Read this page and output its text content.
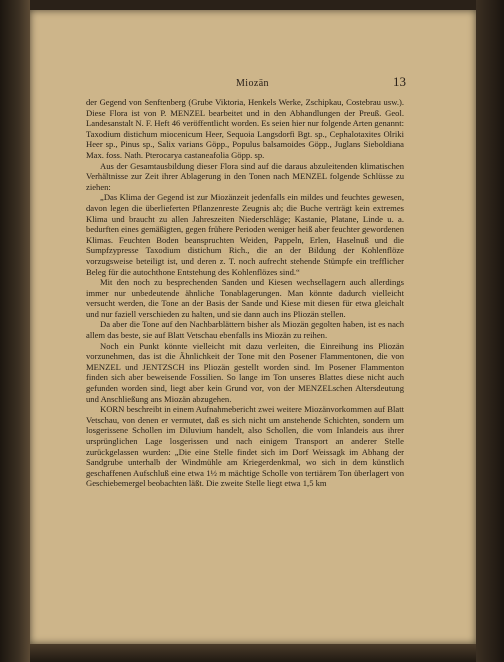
Miozän	13

der Gegend von Senftenberg (Grube Viktoria, Henkels Werke, Zschipkau, Costebrau usw.). Diese Flora ist von P. MENZEL bearbeitet und in den Abhandlungen der Preuß. Geol. Landesanstalt N. F. Heft 46 veröffentlicht worden. Es seien hier nur folgende Arten genannt: Taxodium distichum miocenicum Heer, Sequoia Langsdorfi Bgt. sp., Cephalotaxites Olriki Heer sp., Pinus sp., Salix varians Göpp., Populus balsamoides Göpp., Juglans Sieboldiana Max. foss. Nath. Pterocarya castaneafolia Göpp. sp.

Aus der Gesamtausbildung dieser Flora sind auf die daraus abzuleitenden klimatischen Verhältnisse zur Zeit ihrer Ablagerung in den Tonen nach MENZEL folgende Schlüsse zu ziehen:

„Das Klima der Gegend ist zur Miozänzeit jedenfalls ein mildes und feuchtes gewesen, davon legen die überlieferten Pflanzenreste Zeugnis ab; die Buche verträgt kein extremes Klima und braucht zu allen Jahreszeiten Niederschläge; Kastanie, Platane, Linde u. a. bedurften eines gemäßigten, gegen frühere Perioden weniger heiß aber feuchter gewordenen Klimas. Feuchten Boden beanspruchten Weiden, Pappeln, Erlen, Haselnuß und die Sumpfzypresse Taxodium distichum Rich., die an der Bildung der Kohlenflöze vorzugsweise beteiligt ist, und deren z. T. noch aufrecht stehende Stümpfe ein trefflicher Beleg für die autochthone Entstehung des Kohlenflözes sind.“

Mit den noch zu besprechenden Sanden und Kiesen wechsellagern auch allerdings immer nur unbedeutende ähnliche Tonablagerungen. Man könnte dadurch vielleicht versucht werden, die Tone an der Basis der Sande und Kiese mit diesen für etwa gleichalt und nur faziell verschieden zu halten, und sie dann auch ins Pliozän stellen.

Da aber die Tone auf den Nachbarblättern bisher als Miozän gegolten haben, ist es nach allem das beste, sie auf Blatt Vetschau ebenfalls ins Miozän zu reihen.

Noch ein Punkt könnte vielleicht mit dazu verleiten, die Einreihung ins Pliozän vorzunehmen, das ist die Ähnlichkeit der Tone mit den Posener Flammentonen, die von MENZEL und JENTZSCH ins Pliozän gestellt worden sind. Im Posener Flammenton finden sich aber beweisende Fossilien. So lange im Ton unseres Blattes diese nicht auch gefunden worden sind, liegt aber kein Grund vor, von der MENZELschen Altersdeutung und Anschließung ans Miozän abzugehen.

KORN beschreibt in einem Aufnahmebericht zwei weitere Miozänvorkommen auf Blatt Vetschau, von denen er vermutet, daß es sich nicht um anstehende Schichten, sondern um losgerissene Schollen im Diluvium handelt, also Schollen, die vom Inlandeis aus ihrer ursprünglichen Lage losgerissen und nach einigem Transport an anderer Stelle zurückgelassen wurden: „Die eine Stelle findet sich im Dorf Weissagk im Abhang der Sandgrube unterhalb der Windmühle am Kriegerdenkmal, wo sich in dem künstlich geschaffenen Aufschluß eine etwa 1½ m mächtige Scholle von tertiärem Ton überlagert von Geschiebemergel beobachten läßt. Die zweite Stelle liegt etwa 1,5 km
